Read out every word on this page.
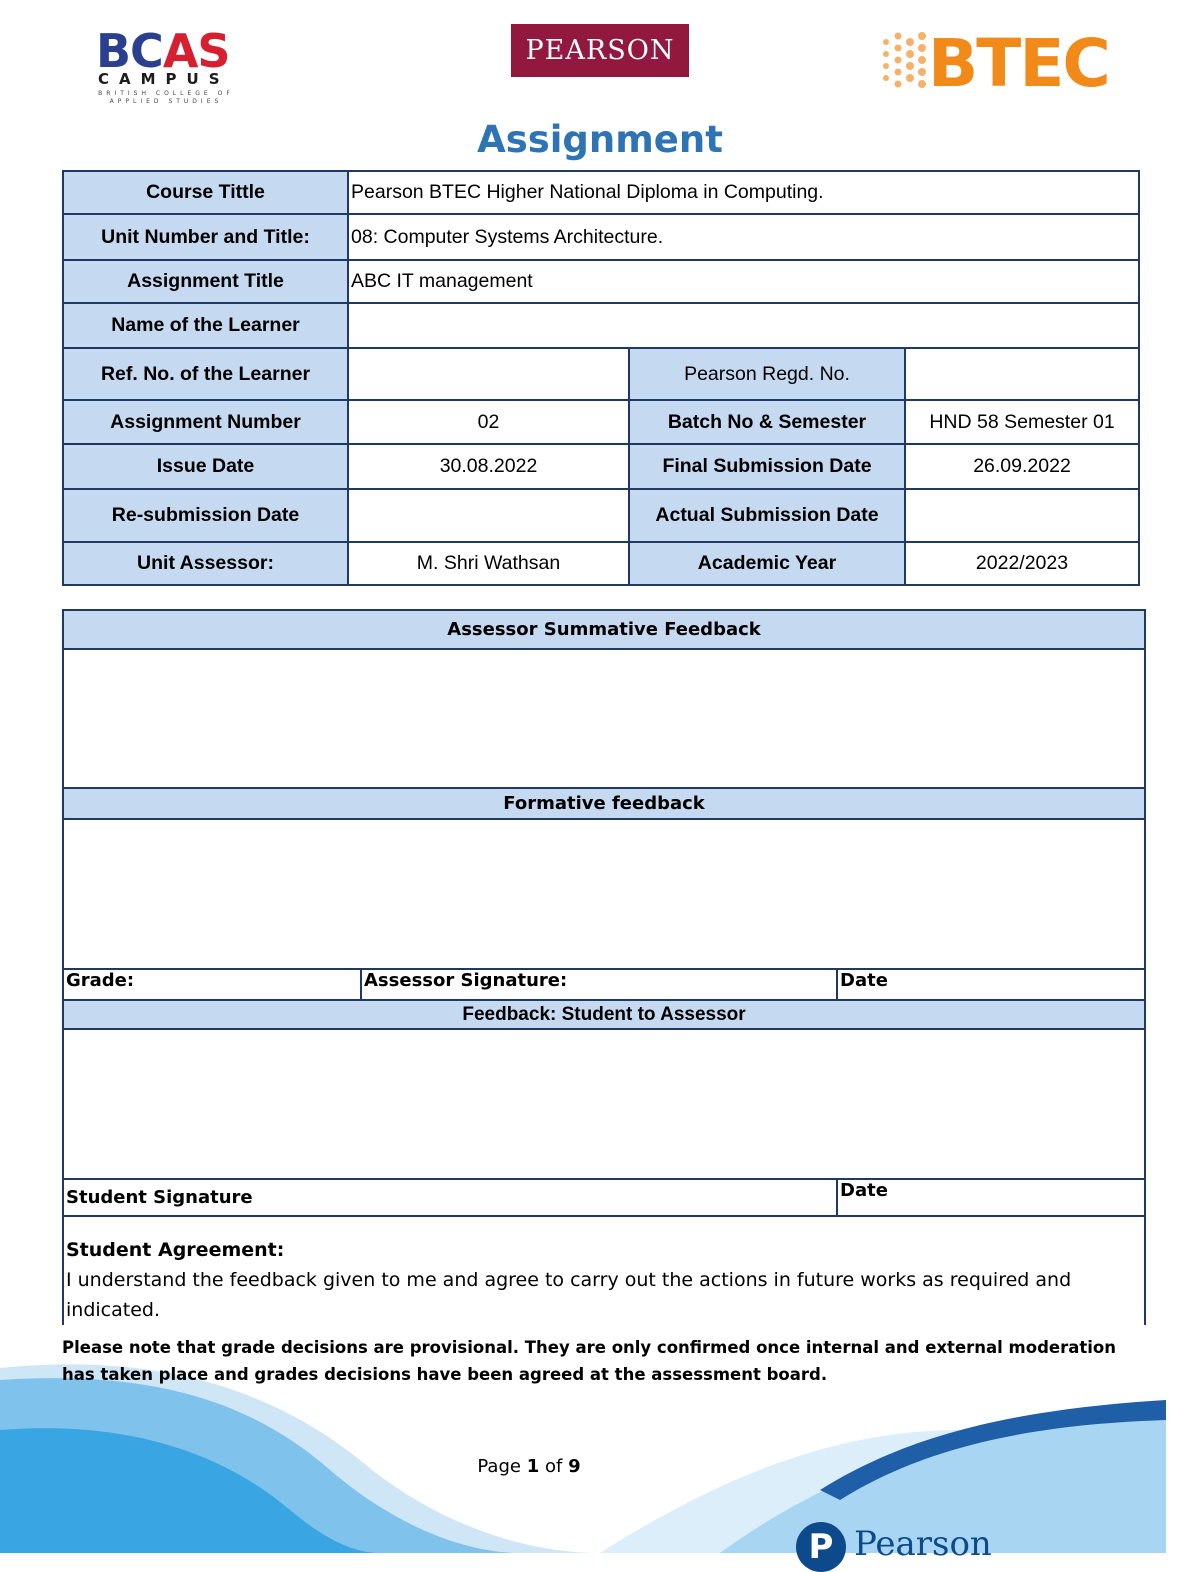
BCAS
CAMPUS
BRITISH COLLEGE OF APPLIED STUDIES
PEARSON	BTEC
Assignment
Course Tittle	Pearson BTEC Higher National Diploma in Computing.		
Unit Number and Title:	08: Computer Systems Architecture.		
Assignment Title	ABC IT management		
Name of the Learner			
Ref. No. of the Learner		Pearson Regd. No.	
Assignment Number	02	Batch No & Semester	HND 58 Semester 01
Issue Date	30.08.2022	Final Submission Date	26.09.2022
Re-submission Date		Actual Submission Date	
Unit Assessor:	M. Shri Wathsan	Academic Year	2022/2023
Assessor Summative Feedback		

Formative feedback		

Grade:	Assessor Signature:	Date
Feedback: Student to Assessor		

Student Signature		Date
Student Agreement:
I understand the feedback given to me and agree to carry out the actions in future works as required and indicated.		
Please note that grade decisions are provisional. They are only confirmed once internal and external moderation has taken place and grades decisions have been agreed at the assessment board.
Page 1 of 9
P Pearson
